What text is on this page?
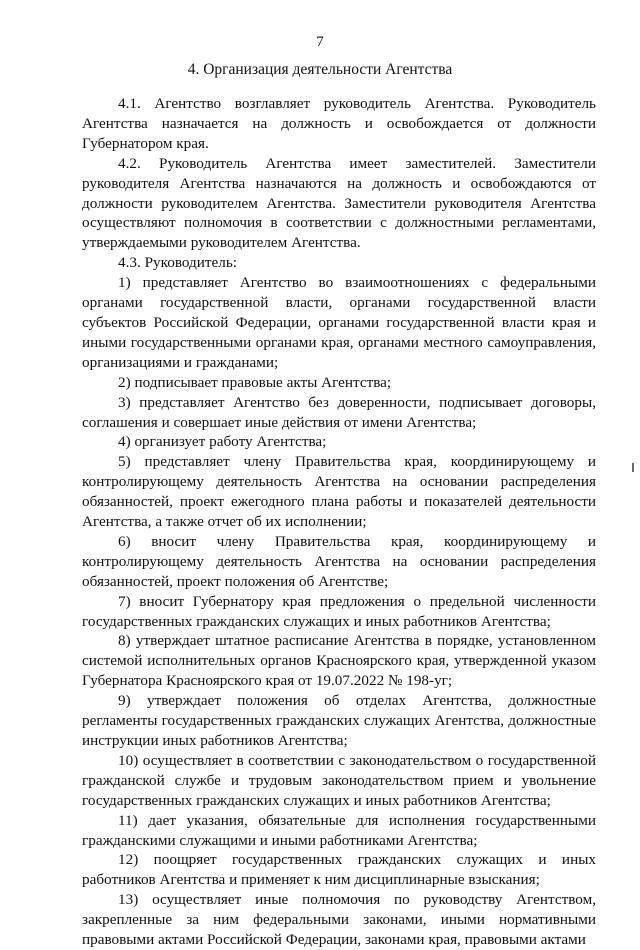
7
4. Организация деятельности Агентства

4.1. Агентство возглавляет руководитель Агентства. Руководитель Агентства назначается на должность и освобождается от должности Губернатором края.

4.2. Руководитель Агентства имеет заместителей. Заместители руководителя Агентства назначаются на должность и освобождаются от должности руководителем Агентства. Заместители руководителя Агентства осуществляют полномочия в соответствии с должностными регламентами, утверждаемыми руководителем Агентства.

4.3. Руководитель:

1) представляет Агентство во взаимоотношениях с федеральными органами государственной власти, органами государственной власти субъектов Российской Федерации, органами государственной власти края и иными государственными органами края, органами местного самоуправления, организациями и гражданами;

2) подписывает правовые акты Агентства;

3) представляет Агентство без доверенности, подписывает договоры, соглашения и совершает иные действия от имени Агентства;

4) организует работу Агентства;

5) представляет члену Правительства края, координирующему и контролирующему деятельность Агентства на основании распределения обязанностей, проект ежегодного плана работы и показателей деятельности Агентства, а также отчет об их исполнении;

6) вносит члену Правительства края, координирующему и контролирующему деятельность Агентства на основании распределения обязанностей, проект положения об Агентстве;

7) вносит Губернатору края предложения о предельной численности государственных гражданских служащих и иных работников Агентства;

8) утверждает штатное расписание Агентства в порядке, установленном системой исполнительных органов Красноярского края, утвержденной указом Губернатора Красноярского края от 19.07.2022 № 198-уг;

9) утверждает положения об отделах Агентства, должностные регламенты государственных гражданских служащих Агентства, должностные инструкции иных работников Агентства;

10) осуществляет в соответствии с законодательством о государственной гражданской службе и трудовым законодательством прием и увольнение государственных гражданских служащих и иных работников Агентства;

11) дает указания, обязательные для исполнения государственными гражданскими служащими и иными работниками Агентства;

12) поощряет государственных гражданских служащих и иных работников Агентства и применяет к ним дисциплинарные взыскания;

13) осуществляет иные полномочия по руководству Агентством, закрепленные за ним федеральными законами, иными нормативными правовыми актами Российской Федерации, законами края, правовыми актами
